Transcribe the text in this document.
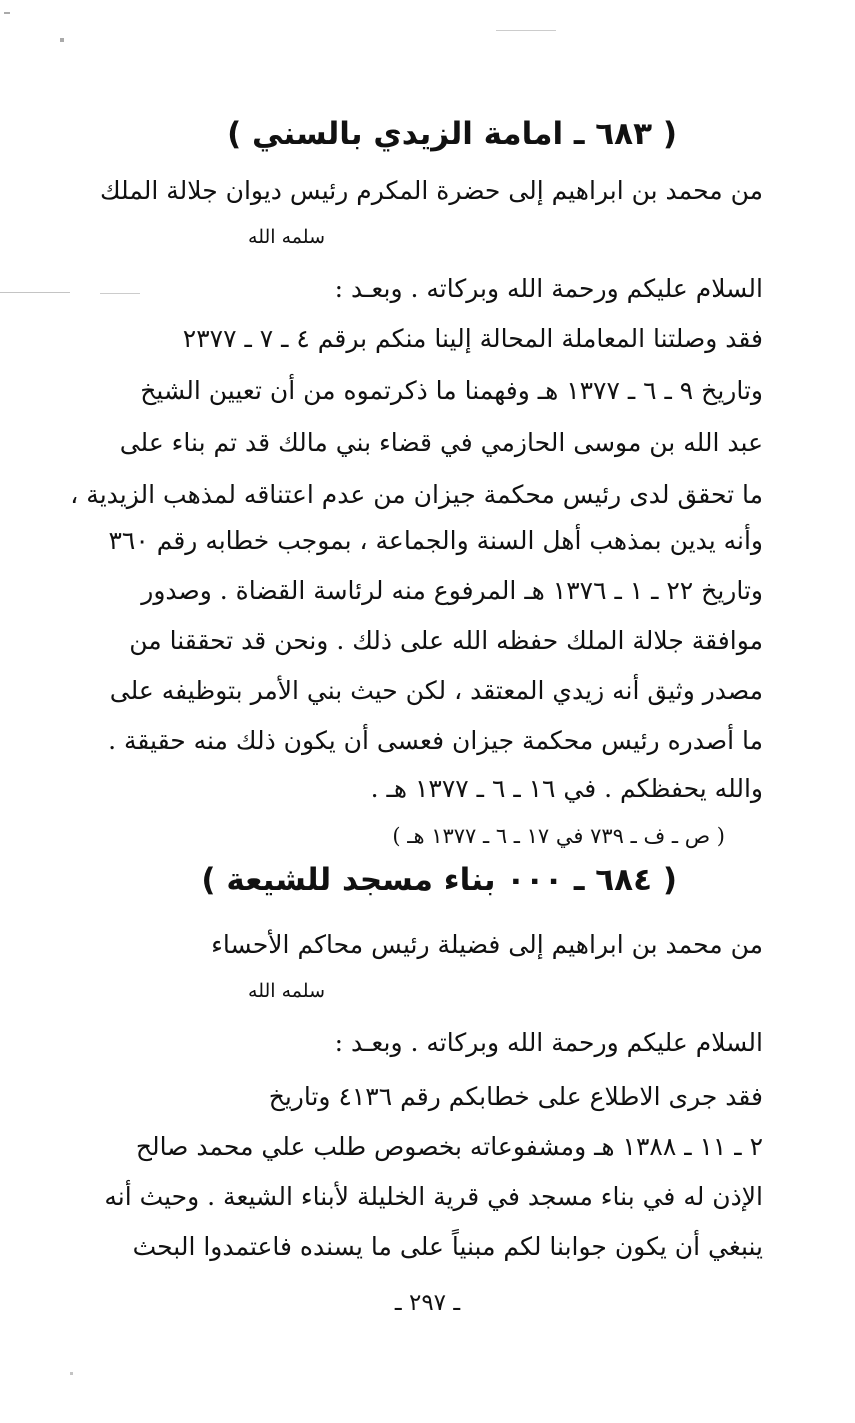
( ٦٨٣ ـ امامة الزيدي بالسني )
من محمد بن ابراهيم إلى حضرة المكرم رئيس ديوان جلالة الملك
سلمه الله
السلام عليكم ورحمة الله وبركاته . وبعـد :
فقد وصلتنا المعاملة المحالة إلينا منكم برقم ٤ ـ ٧ ـ ٢٣٧٧
وتاريخ ٩ ـ ٦ ـ ١٣٧٧ هـ وفهمنا ما ذكرتموه من أن تعيين الشيخ
عبد الله بن موسى الحازمي في قضاء بني مالك قد تم بناء على
ما تحقق لدى رئيس محكمة جيزان من عدم اعتناقه لمذهب الزيدية ،
وأنه يدين بمذهب أهل السنة والجماعة ، بموجب خطابه رقم ٣٦٠
وتاريخ ٢٢ ـ ١ ـ ١٣٧٦ هـ المرفوع منه لرئاسة القضاة . وصدور
موافقة جلالة الملك حفظه الله على ذلك . ونحن قد تحققنا من
مصدر وثيق أنه زيدي المعتقد ، لكن حيث بني الأمر بتوظيفه على
ما أصدره رئيس محكمة جيزان فعسى أن يكون ذلك منه حقيقة .
والله يحفظكم . في ١٦ ـ ٦ ـ ١٣٧٧ هـ .
( ص ـ ف ـ ٧٣٩ في ١٧ ـ ٦ ـ ١٣٧٧ هـ )
( ٦٨٤ ـ ٠٠٠ بناء مسجد للشيعة )
من محمد بن ابراهيم إلى فضيلة رئيس محاكم الأحساء
سلمه الله
السلام عليكم ورحمة الله وبركاته . وبعـد :
فقد جرى الاطلاع على خطابكم رقم ٤١٣٦ وتاريخ
٢ ـ ١١ ـ ١٣٨٨ هـ ومشفوعاته بخصوص طلب علي محمد صالح
الإذن له في بناء مسجد في قرية الخليلة لأبناء الشيعة . وحيث أنه
ينبغي أن يكون جوابنا لكم مبنياً على ما يسنده فاعتمدوا البحث
ـ ٢٩٧ ـ
